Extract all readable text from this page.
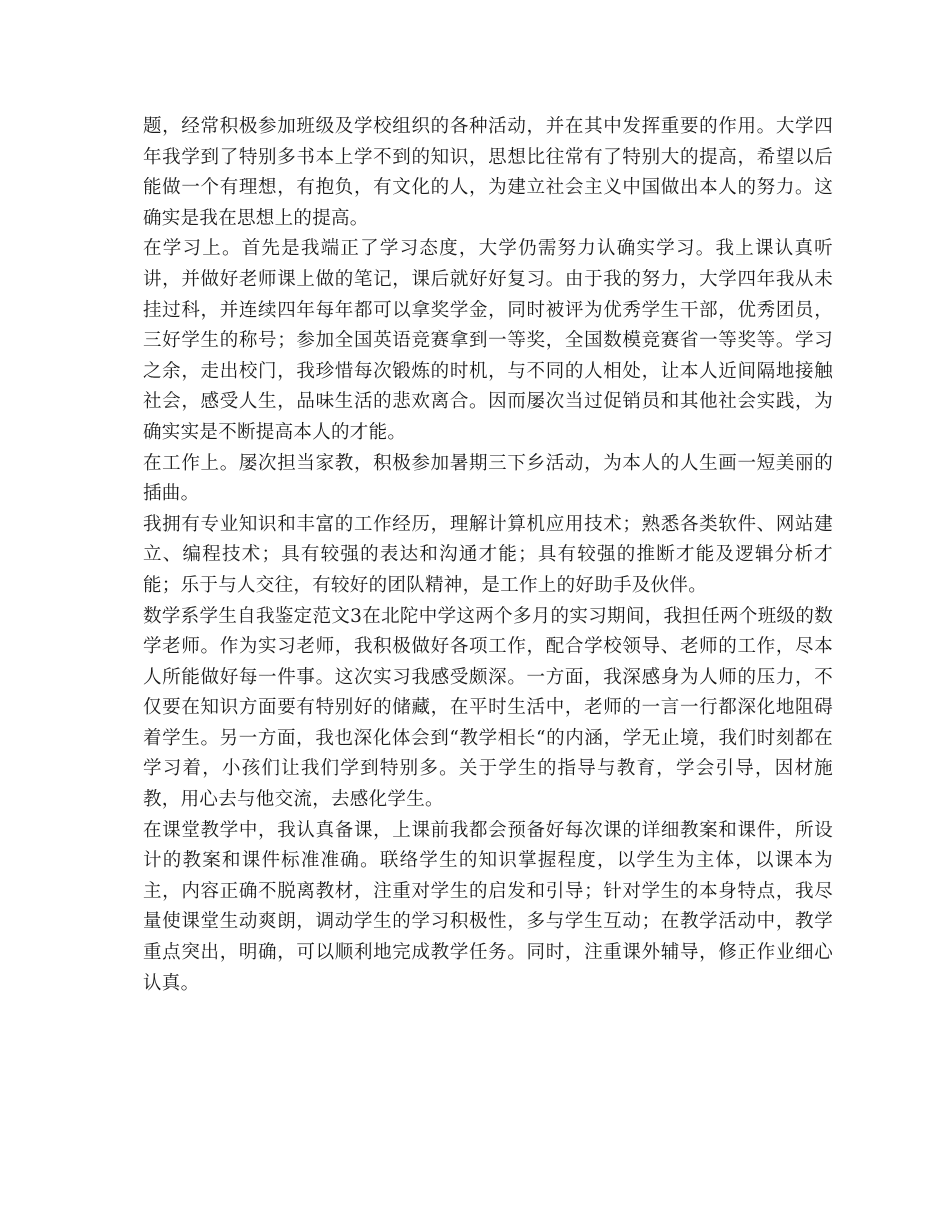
题，经常积极参加班级及学校组织的各种活动，并在其中发挥重要的作用。大学四年我学到了特别多书本上学不到的知识，思想比往常有了特别大的提高，希望以后能做一个有理想，有抱负，有文化的人，为建立社会主义中国做出本人的努力。这确实是我在思想上的提高。

在学习上。首先是我端正了学习态度，大学仍需努力认确实学习。我上课认真听讲，并做好老师课上做的笔记，课后就好好复习。由于我的努力，大学四年我从未挂过科，并连续四年每年都可以拿奖学金，同时被评为优秀学生干部，优秀团员，三好学生的称号；参加全国英语竞赛拿到一等奖，全国数模竞赛省一等奖等。学习之余，走出校门，我珍惜每次锻炼的时机，与不同的人相处，让本人近间隔地接触社会，感受人生，品味生活的悲欢离合。因而屡次当过促销员和其他社会实践，为确实实是不断提高本人的才能。

在工作上。屡次担当家教，积极参加暑期三下乡活动，为本人的人生画一短美丽的插曲。

我拥有专业知识和丰富的工作经历，理解计算机应用技术；熟悉各类软件、网站建立、编程技术；具有较强的表达和沟通才能；具有较强的推断才能及逻辑分析才能；乐于与人交往，有较好的团队精神，是工作上的好助手及伙伴。

数学系学生自我鉴定范文3在北陀中学这两个多月的实习期间，我担任两个班级的数学老师。作为实习老师，我积极做好各项工作，配合学校领导、老师的工作，尽本人所能做好每一件事。这次实习我感受颇深。一方面，我深感身为人师的压力，不仅要在知识方面要有特别好的储藏，在平时生活中，老师的一言一行都深化地阻碍着学生。另一方面，我也深化体会到“教学相长“的内涵，学无止境，我们时刻都在学习着，小孩们让我们学到特别多。关于学生的指导与教育，学会引导，因材施教，用心去与他交流，去感化学生。

在课堂教学中，我认真备课，上课前我都会预备好每次课的详细教案和课件，所设计的教案和课件标准准确。联络学生的知识掌握程度，以学生为主体，以课本为主，内容正确不脱离教材，注重对学生的启发和引导；针对学生的本身特点，我尽量使课堂生动爽朗，调动学生的学习积极性，多与学生互动；在教学活动中，教学重点突出，明确，可以顺利地完成教学任务。同时，注重课外辅导，修正作业细心认真。
